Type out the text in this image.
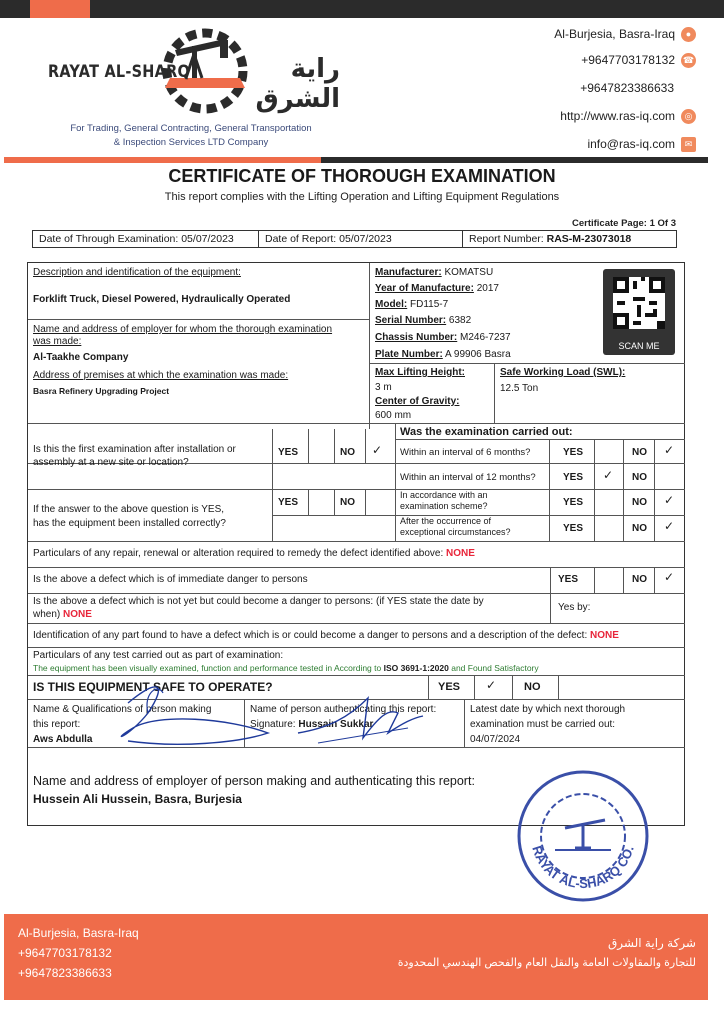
RAYAT AL-SHARQ	راية الشرق
For Trading, General Contracting, General Transportation
& Inspection Services LTD Company
Al-Burjesia, Basra-Iraq	●
+9647703178132 ☎
+9647823386633
http://www.ras-iq.com	◎
info@ras-iq.com	✉
CERTIFICATE OF THOROUGH EXAMINATION
This report complies with the Lifting Operation and Lifting Equipment Regulations
Certificate Page: 1 Of 3
Date of Through Examination: 05/07/2023	Date of Report: 05/07/2023	Report Number:
RAS-M-23073018
Description and identification of the equipment:
Forklift Truck, Diesel Powered, Hydraulically Operated
Name and address of employer for whom the thorough examination
was made:
Al-Taakhe Company
Address of premises at which the examination was made:
Basra Refinery Upgrading Project
Manufacturer: KOMATSU
Year of Manufacture: 2017
Model: FD115-7
Serial Number: 6382
Chassis Number: M246-7237
Plate Number: A 99906 Basra
SCAN ME
Max Lifting Height:
3 m
Center of Gravity:
600 mm
Safe Working Load (SWL):
12.5 Ton
Is this the first examination after installation or
assembly at a new site or location?
YES	NO ✓
Was the examination carried out:
Within an interval of 6 months?	YES	NO ✓
Within an interval of 12 months?	YES ✓ NO
If the answer to the above question is YES,
has the equipment been installed correctly?
YES	NO
In accordance with an
examination scheme?	YES	NO ✓
After the occurrence of
exceptional circumstances?	YES	NO ✓
Particulars of any repair, renewal or alteration required to remedy the defect identified above: NONE
Is the above a defect which is of immediate danger to persons	YES	NO ✓
Is the above a defect which is not yet but could become a danger to persons: (if YES state the date by
when) NONE
Yes by:
Identification of any part found to have a defect which is or could become a danger to persons and a description of the defect: NONE
Particulars of any test carried out as part of examination:
The equipment has been visually examined, function and performance tested in According to ISO 3691-1:2020 and Found Satisfactory
IS THIS EQUIPMENT SAFE TO OPERATE?	YES ✓	NO
Name & Qualifications of person making
this report:
Aws Abdulla
Name of person authenticating this report:
Signature: Hussain Sukkar
Latest date by which next thorough
examination must be carried out:
04/07/2024
Name and address of employer of person making and authenticating this report:
Hussein Ali Hussein, Basra, Burjesia
RAYAT AL-SHARQ CO.
Al-Burjesia, Basra-Iraq
+9647703178132
+9647823386633
شركة راية الشرق
للتجارة والمقاولات العامة والنقل العام والفحص الهندسي المحدودة
